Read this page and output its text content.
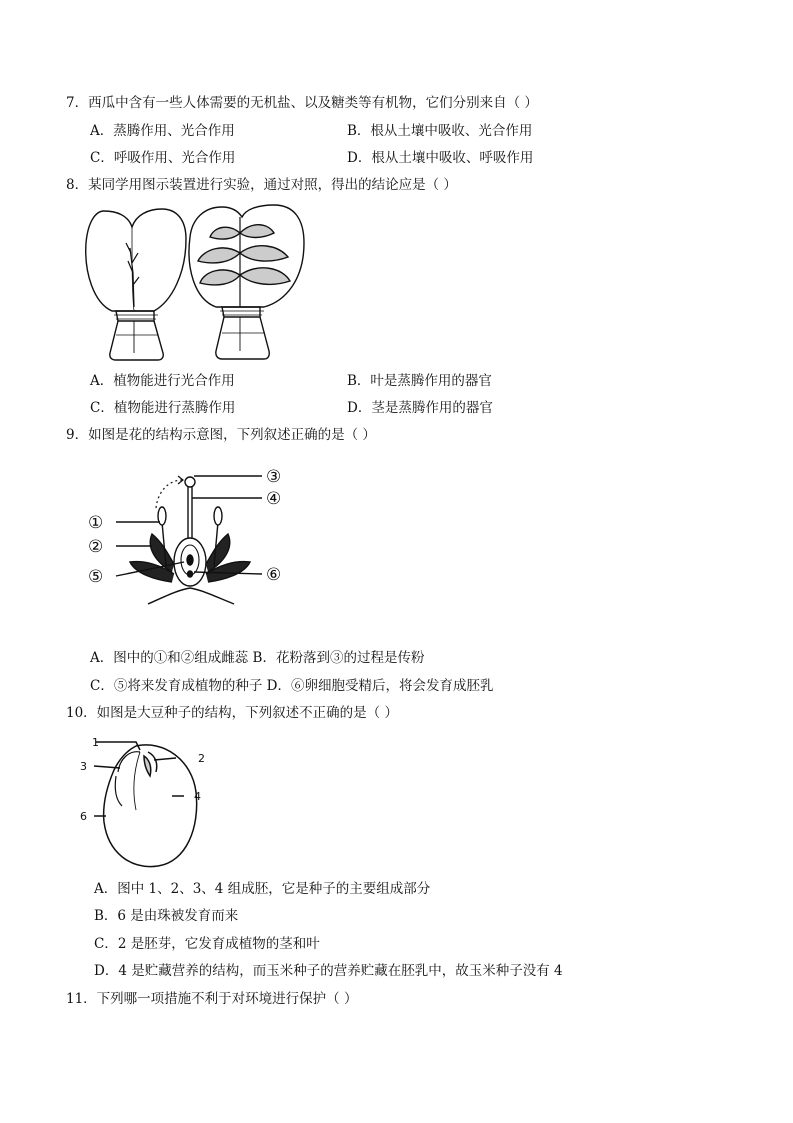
7．西瓜中含有一些人体需要的无机盐、以及糖类等有机物，它们分别来自（ ）
A．蒸腾作用、光合作用	B．根从土壤中吸收、光合作用
C．呼吸作用、光合作用	D．根从土壤中吸收、呼吸作用
8．某同学用图示装置进行实验，通过对照，得出的结论应是（ ）
A．植物能进行光合作用	B．叶是蒸腾作用的器官
C．植物能进行蒸腾作用	D．茎是蒸腾作用的器官
9．如图是花的结构示意图，下列叙述正确的是（ ）
①
②
③
④
⑤	⑥
A．图中的①和②组成雌蕊 B．花粉落到③的过程是传粉
C．⑤将来发育成植物的种子 D．⑥卵细胞受精后，将会发育成胚乳
10．如图是大豆种子的结构，下列叙述不正确的是（ ）
1
2
3
4
6
A．图中 1、2、3、4 组成胚，它是种子的主要组成部分
B．6 是由珠被发育而来
C．2 是胚芽，它发育成植物的茎和叶
D．4 是贮藏营养的结构，而玉米种子的营养贮藏在胚乳中，故玉米种子没有 4
11．下列哪一项措施不利于对环境进行保护（ ）
